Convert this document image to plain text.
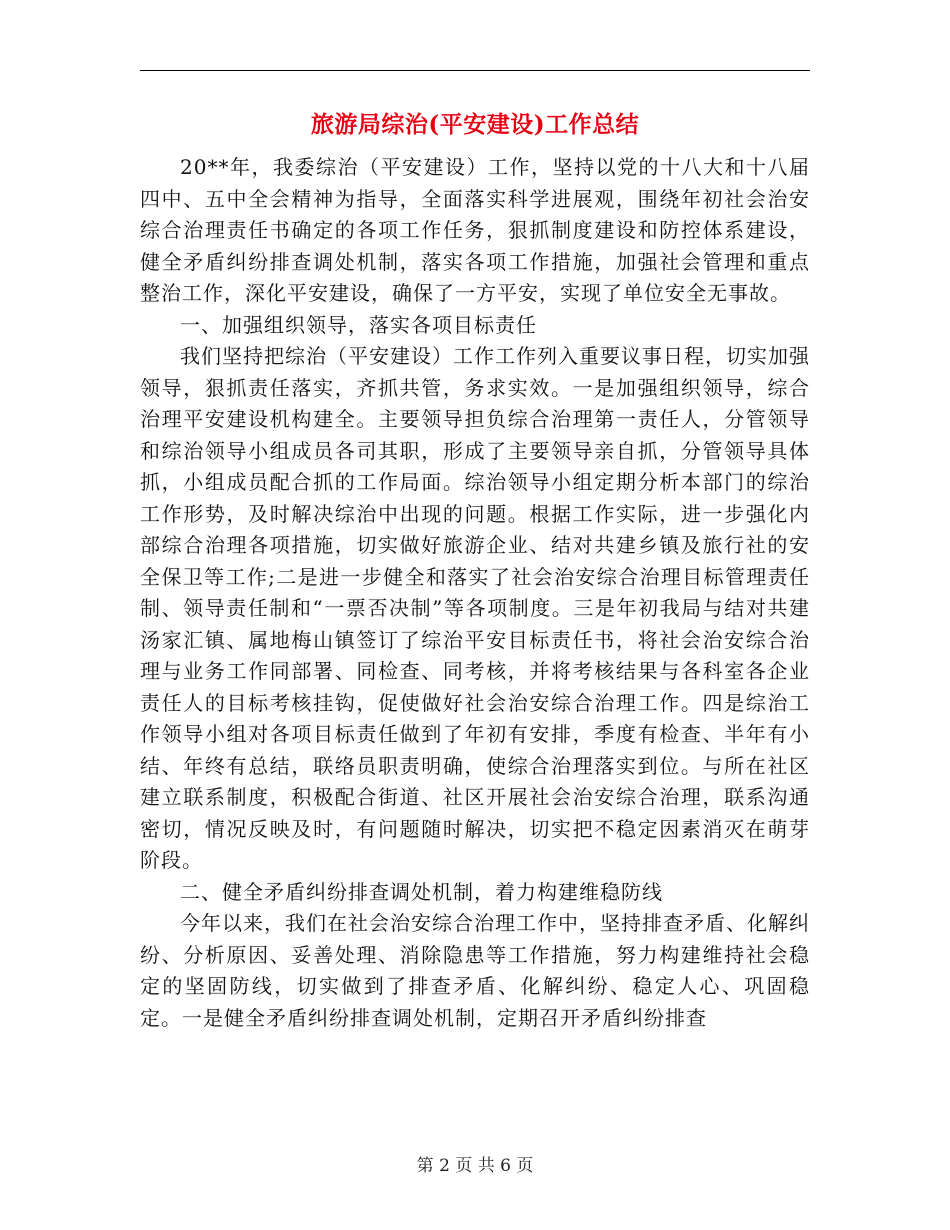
旅游局综治(平安建设)工作总结

20**年，我委综治（平安建设）工作，坚持以党的十八大和十八届四中、五中全会精神为指导，全面落实科学进展观，围绕年初社会治安综合治理责任书确定的各项工作任务，狠抓制度建设和防控体系建设，健全矛盾纠纷排查调处机制，落实各项工作措施，加强社会管理和重点整治工作，深化平安建设，确保了一方平安，实现了单位安全无事故。

一、加强组织领导，落实各项目标责任

我们坚持把综治（平安建设）工作工作列入重要议事日程，切实加强领导，狠抓责任落实，齐抓共管，务求实效。一是加强组织领导，综合治理平安建设机构建全。主要领导担负综合治理第一责任人，分管领导和综治领导小组成员各司其职，形成了主要领导亲自抓，分管领导具体抓，小组成员配合抓的工作局面。综治领导小组定期分析本部门的综治工作形势，及时解决综治中出现的问题。根据工作实际，进一步强化内部综合治理各项措施，切实做好旅游企业、结对共建乡镇及旅行社的安全保卫等工作;二是进一步健全和落实了社会治安综合治理目标管理责任制、领导责任制和“一票否决制”等各项制度。三是年初我局与结对共建汤家汇镇、属地梅山镇签订了综治平安目标责任书，将社会治安综合治理与业务工作同部署、同检查、同考核，并将考核结果与各科室各企业责任人的目标考核挂钩，促使做好社会治安综合治理工作。四是综治工作领导小组对各项目标责任做到了年初有安排，季度有检查、半年有小结、年终有总结，联络员职责明确，使综合治理落实到位。与所在社区建立联系制度，积极配合街道、社区开展社会治安综合治理，联系沟通密切，情况反映及时，有问题随时解决，切实把不稳定因素消灭在萌芽阶段。

二、健全矛盾纠纷排查调处机制，着力构建维稳防线

今年以来，我们在社会治安综合治理工作中，坚持排查矛盾、化解纠纷、分析原因、妥善处理、消除隐患等工作措施，努力构建维持社会稳定的坚固防线，切实做到了排查矛盾、化解纠纷、稳定人心、巩固稳定。一是健全矛盾纠纷排查调处机制，定期召开矛盾纠纷排查

第 2 页 共 6 页
